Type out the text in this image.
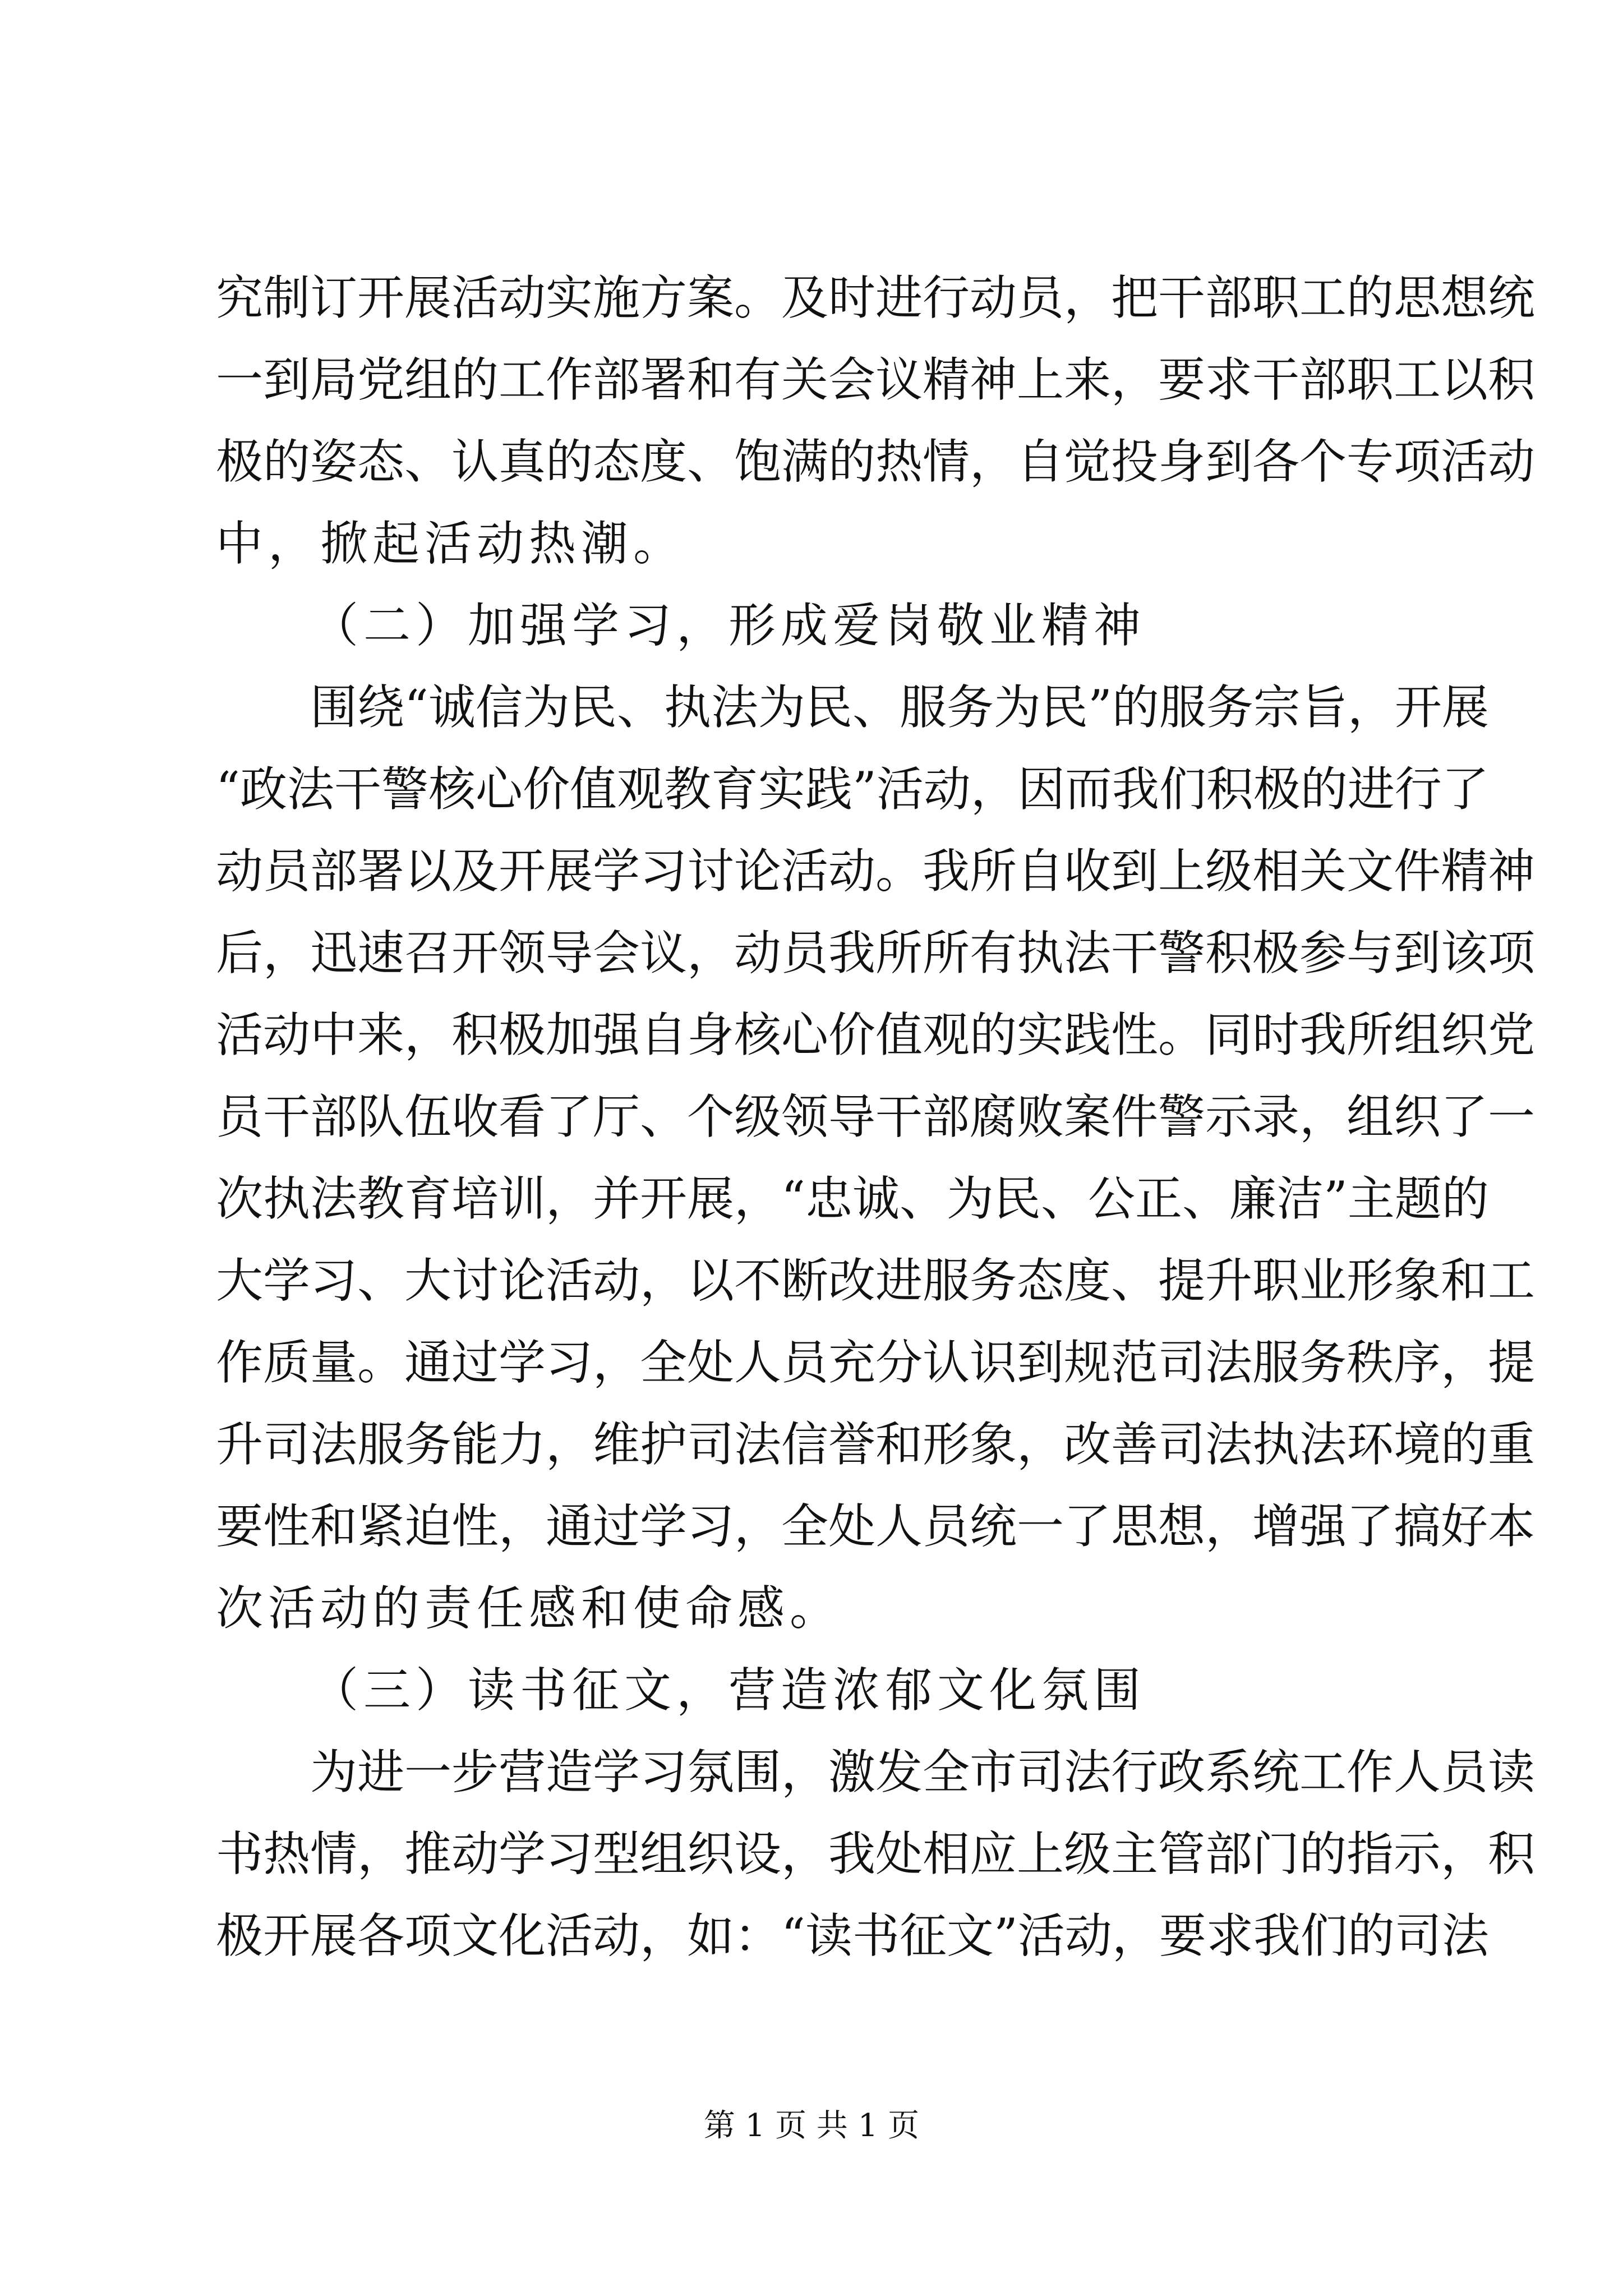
究制订开展活动实施方案。及时进行动员，把干部职工的思想统
一到局党组的工作部署和有关会议精神上来，要求干部职工以积
极的姿态、认真的态度、饱满的热情，自觉投身到各个专项活动
中，掀起活动热潮。
（二）加强学习，形成爱岗敬业精神
围绕“诚信为民、执法为民、服务为民”的服务宗旨，开展
“政法干警核心价值观教育实践”活动，因而我们积极的进行了
动员部署以及开展学习讨论活动。我所自收到上级相关文件精神
后，迅速召开领导会议，动员我所所有执法干警积极参与到该项
活动中来，积极加强自身核心价值观的实践性。同时我所组织党
员干部队伍收看了厅、个级领导干部腐败案件警示录，组织了一
次执法教育培训，并开展，“忠诚、为民、公正、廉洁”主题的
大学习、大讨论活动，以不断改进服务态度、提升职业形象和工
作质量。通过学习，全处人员充分认识到规范司法服务秩序，提
升司法服务能力，维护司法信誉和形象，改善司法执法环境的重
要性和紧迫性，通过学习，全处人员统一了思想，增强了搞好本
次活动的责任感和使命感。
（三）读书征文，营造浓郁文化氛围
为进一步营造学习氛围，激发全市司法行政系统工作人员读
书热情，推动学习型组织设，我处相应上级主管部门的指示，积
极开展各项文化活动，如：“读书征文”活动，要求我们的司法
第 1 页 共 1 页
